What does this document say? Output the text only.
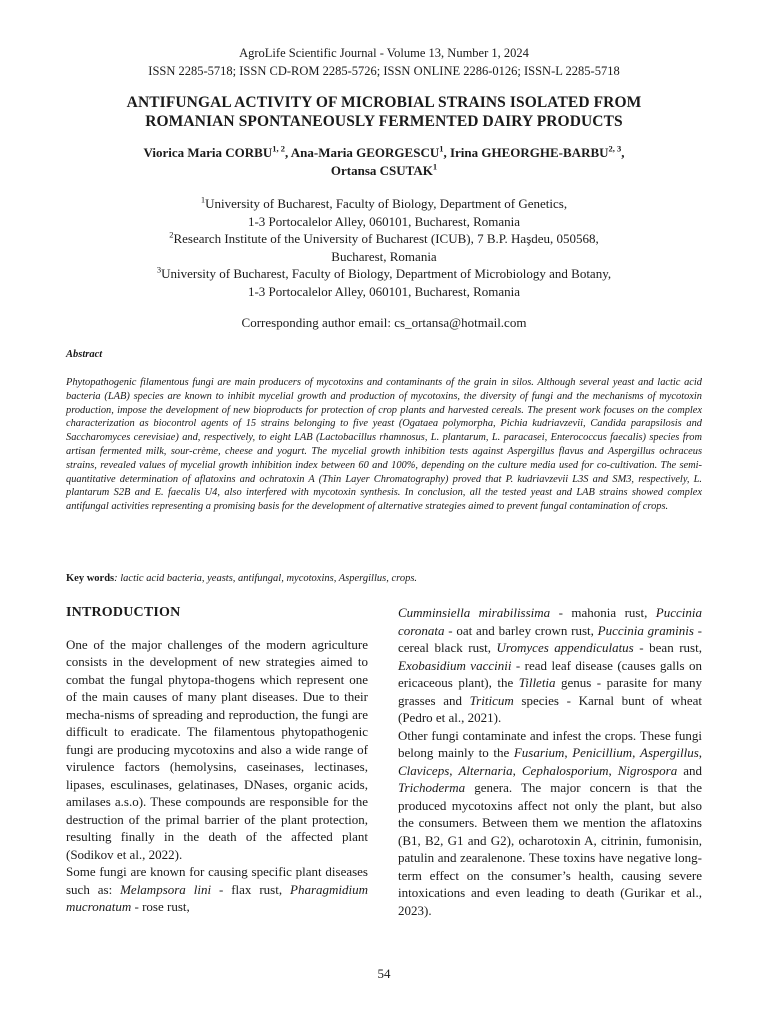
AgroLife Scientific Journal - Volume 13, Number 1, 2024
ISSN 2285-5718; ISSN CD-ROM 2285-5726; ISSN ONLINE 2286-0126; ISSN-L 2285-5718
ANTIFUNGAL ACTIVITY OF MICROBIAL STRAINS ISOLATED FROM
ROMANIAN SPONTANEOUSLY FERMENTED DAIRY PRODUCTS
Viorica Maria CORBU$^{1, 2}$, Ana-Maria GEORGESCU$^1$, Irina GHEORGHE-BARBU$^{2, 3}$,
Ortansa CSUTAK$^1$
$^1$University of Bucharest, Faculty of Biology, Department of Genetics,
1-3 Portocalelor Alley, 060101, Bucharest, Romania
$^2$Research Institute of the University of Bucharest (ICUB), 7 B.P. Haşdeu, 050568,
Bucharest, Romania
$^3$University of Bucharest, Faculty of Biology, Department of Microbiology and Botany,
1-3 Portocalelor Alley, 060101, Bucharest, Romania
Corresponding author email: cs_ortansa@hotmail.com
Abstract
Phytopathogenic filamentous fungi are main producers of mycotoxins and contaminants of the grain in silos. Although several yeast and lactic acid bacteria (LAB) species are known to inhibit mycelial growth and production of mycotoxins, the diversity of fungi and the mechanisms of mycotoxin production, impose the development of new bioproducts for protection of crop plants and harvested cereals. The present work focuses on the complex characterization as biocontrol agents of 15 strains belonging to five yeast (Ogataea polymorpha, Pichia kudriavzevii, Candida parapsilosis and Saccharomyces cerevisiae) and, respectively, to eight LAB (Lactobacillus rhamnosus, L. plantarum, L. paracasei, Enterococcus faecalis) species from artisan fermented milk, sour-crème, cheese and yogurt. The mycelial growth inhibition tests against Aspergillus flavus and Aspergillus ochraceus strains, revealed values of mycelial growth inhibition index between 60 and 100%, depending on the culture media used for co-cultivation. The semi-quantitative determination of aflatoxins and ochratoxin A (Thin Layer Chromatography) proved that P. kudriavzevii L3S and SM3, respectively, L. plantarum S2B and E. faecalis U4, also interfered with mycotoxin synthesis. In conclusion, all the tested yeast and LAB strains showed complex antifungal activities representing a promising basis for the development of alternative strategies aimed to prevent fungal contamination of crops.
Key words: lactic acid bacteria, yeasts, antifungal, mycotoxins, Aspergillus, crops.
INTRODUCTION

One of the major challenges of the modern agriculture consists in the development of new strategies aimed to combat the fungal phytopa-thogens which represent one of the main causes of many plant diseases. Due to their mecha-nisms of spreading and reproduction, the fungi are difficult to eradicate. The filamentous phytopathogenic fungi are producing mycotoxins and also a wide range of virulence factors (hemolysins, caseinases, lectinases, lipases, esculinases, gelatinases, DNases, organic acids, amilases a.s.o). These compounds are responsible for the destruction of the primal barrier of the plant protection, resulting finally in the death of the affected plant (Sodikov et al., 2022).

Some fungi are known for causing specific plant diseases such as: Melampsora lini - flax rust, Pharagmidium mucronatum - rose rust,

Cumminsiella mirabilissima - mahonia rust, Puccinia coronata - oat and barley crown rust, Puccinia graminis - cereal black rust, Uromyces appendiculatus - bean rust, Exobasidium vaccinii - read leaf disease (causes galls on ericaceous plant), the Tilletia genus - parasite for many grasses and Triticum species - Karnal bunt of wheat (Pedro et al., 2021).

Other fungi contaminate and infest the crops. These fungi belong mainly to the Fusarium, Penicillium, Aspergillus, Claviceps, Alternaria, Cephalosporium, Nigrospora and Trichoderma genera. The major concern is that the produced mycotoxins affect not only the plant, but also the consumers. Between them we mention the aflatoxins (B1, B2, G1 and G2), ocharotoxin A, citrinin, fumonisin, patulin and zearalenone. These toxins have negative long-term effect on the consumer’s health, causing severe intoxications and even leading to death (Gurikar et al., 2023).

54
